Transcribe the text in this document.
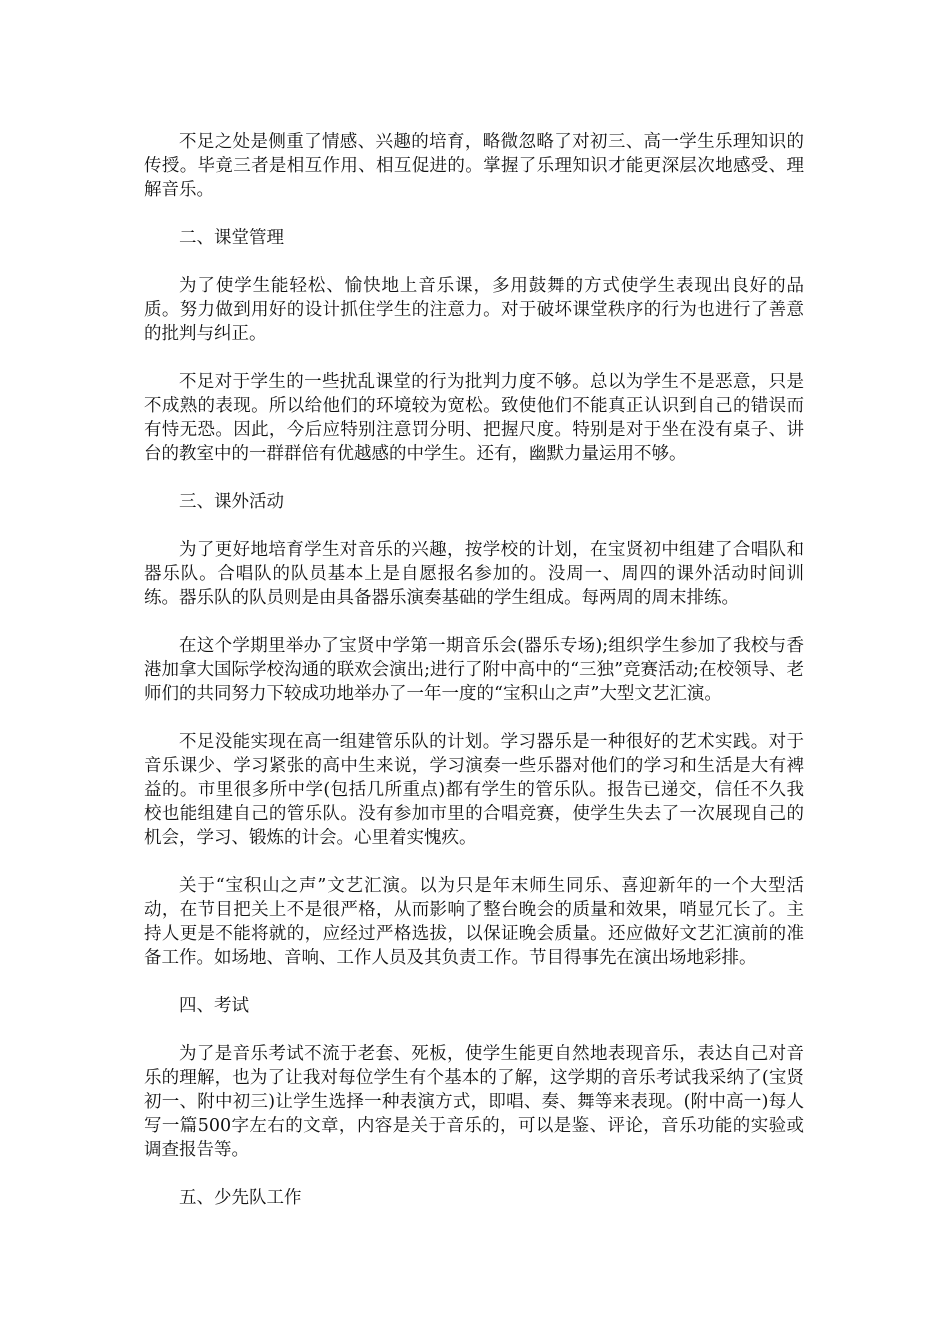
不足之处是侧重了情感、兴趣的培育，略微忽略了对初三、高一学生乐理知识的传授。毕竟三者是相互作用、相互促进的。掌握了乐理知识才能更深层次地感受、理解音乐。

二、课堂管理

为了使学生能轻松、愉快地上音乐课，多用鼓舞的方式使学生表现出良好的品质。努力做到用好的设计抓住学生的注意力。对于破坏课堂秩序的行为也进行了善意的批判与纠正。

不足对于学生的一些扰乱课堂的行为批判力度不够。总以为学生不是恶意，只是不成熟的表现。所以给他们的环境较为宽松。致使他们不能真正认识到自己的错误而有恃无恐。因此，今后应特别注意罚分明、把握尺度。特别是对于坐在没有桌子、讲台的教室中的一群群倍有优越感的中学生。还有，幽默力量运用不够。

三、课外活动

为了更好地培育学生对音乐的兴趣，按学校的计划，在宝贤初中组建了合唱队和器乐队。合唱队的队员基本上是自愿报名参加的。没周一、周四的课外活动时间训练。器乐队的队员则是由具备器乐演奏基础的学生组成。每两周的周末排练。

在这个学期里举办了宝贤中学第一期音乐会(器乐专场);组织学生参加了我校与香港加拿大国际学校沟通的联欢会演出;进行了附中高中的“三独”竞赛活动;在校领导、老师们的共同努力下较成功地举办了一年一度的“宝积山之声”大型文艺汇演。

不足没能实现在高一组建管乐队的计划。学习器乐是一种很好的艺术实践。对于音乐课少、学习紧张的高中生来说，学习演奏一些乐器对他们的学习和生活是大有裨益的。市里很多所中学(包括几所重点)都有学生的管乐队。报告已递交，信任不久我校也能组建自己的管乐队。没有参加市里的合唱竞赛，使学生失去了一次展现自己的机会，学习、锻炼的计会。心里着实愧疚。

关于“宝积山之声”文艺汇演。以为只是年末师生同乐、喜迎新年的一个大型活动，在节目把关上不是很严格，从而影响了整台晚会的质量和效果，哨显冗长了。主持人更是不能将就的，应经过严格选拔，以保证晚会质量。还应做好文艺汇演前的准备工作。如场地、音响、工作人员及其负责工作。节目得事先在演出场地彩排。

四、考试

为了是音乐考试不流于老套、死板，使学生能更自然地表现音乐，表达自己对音乐的理解，也为了让我对每位学生有个基本的了解，这学期的音乐考试我采纳了(宝贤初一、附中初三)让学生选择一种表演方式，即唱、奏、舞等来表现。(附中高一)每人写一篇500字左右的文章，内容是关于音乐的，可以是鉴、评论，音乐功能的实验或调查报告等。

五、少先队工作
